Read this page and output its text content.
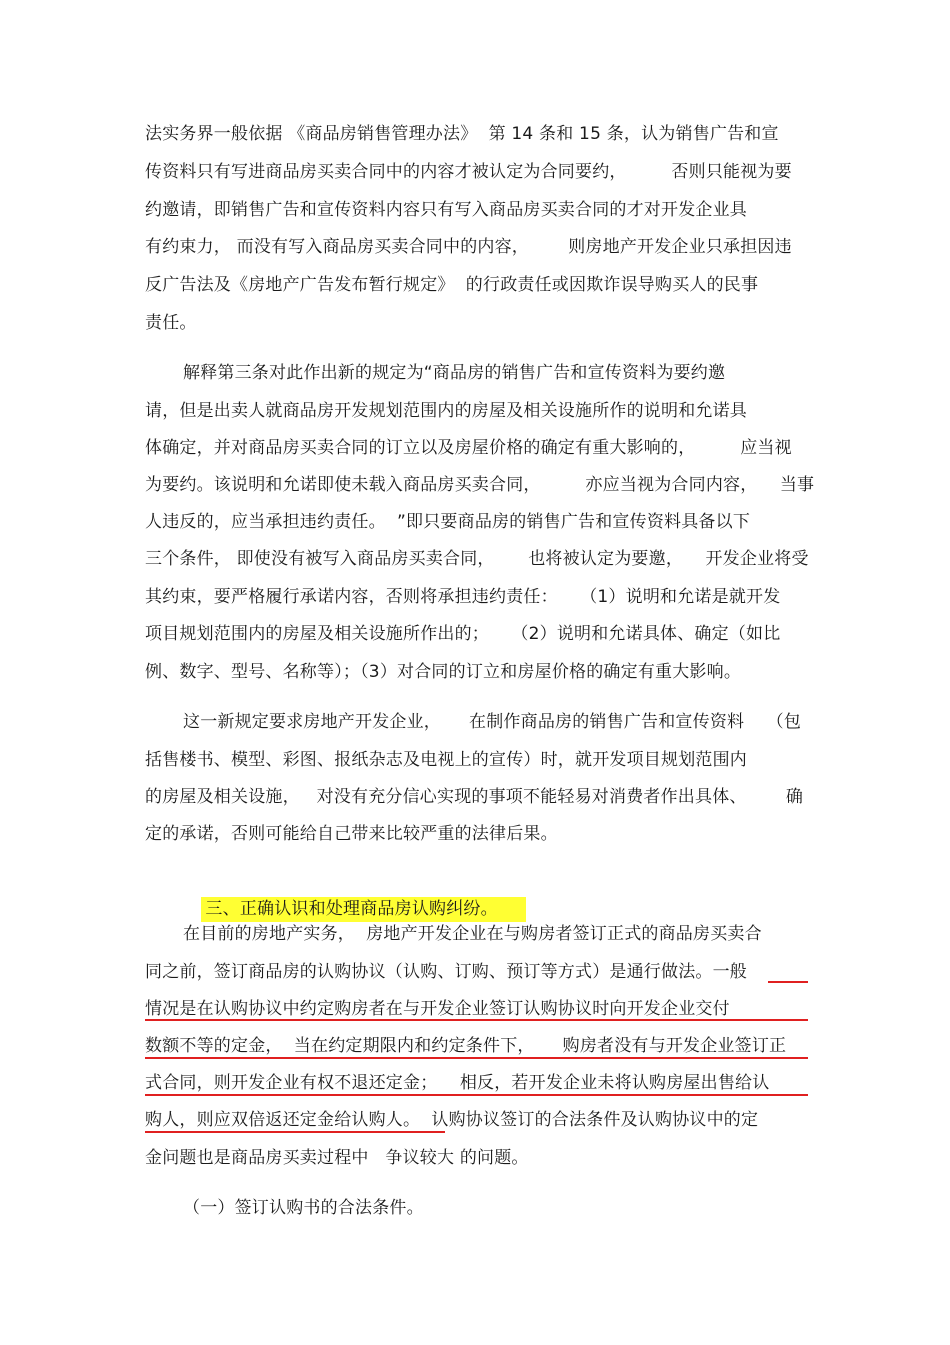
法实务界一般依据 《商品房销售管理办法》  第 14 条和 15 条，认为销售广告和宣
传资料只有写进商品房买卖合同中的内容才被认定为合同要约，        否则只能视为要
约邀请，即销售广告和宣传资料内容只有写入商品房买卖合同的才对开发企业具
有约束力， 而没有写入商品房买卖合同中的内容，       则房地产开发企业只承担因违
反广告法及《房地产广告发布暂行规定》  的行政责任或因欺诈误导购买人的民事
责任。
解释第三条对此作出新的规定为“商品房的销售广告和宣传资料为要约邀
请，但是出卖人就商品房开发规划范围内的房屋及相关设施所作的说明和允诺具
体确定，并对商品房买卖合同的订立以及房屋价格的确定有重大影响的，        应当视
为要约。该说明和允诺即使未载入商品房买卖合同，        亦应当视为合同内容，    当事
人违反的，应当承担违约责任。  ”即只要商品房的销售广告和宣传资料具备以下
三个条件， 即使没有被写入商品房买卖合同，      也将被认定为要邀，    开发企业将受
其约束，要严格履行承诺内容，否则将承担违约责任：    （1）说明和允诺是就开发
项目规划范围内的房屋及相关设施所作出的；    （2）说明和允诺具体、确定（如比
例、数字、型号、名称等）；（3）对合同的订立和房屋价格的确定有重大影响。
这一新规定要求房地产开发企业，     在制作商品房的销售广告和宣传资料    （包
括售楼书、模型、彩图、报纸杂志及电视上的宣传）时，就开发项目规划范围内
的房屋及相关设施，   对没有充分信心实现的事项不能轻易对消费者作出具体、       确
定的承诺，否则可能给自己带来比较严重的法律后果。

三、正确认识和处理商品房认购纠纷。

在目前的房地产实务，  房地产开发企业在与购房者签订正式的商品房买卖合
同之前，签订商品房的认购协议（认购、订购、预订等方式）是通行做法。一般
情况是在认购协议中约定购房者在与开发企业签订认购协议时向开发企业交付
数额不等的定金，  当在约定期限内和约定条件下，     购房者没有与开发企业签订正
式合同，则开发企业有权不退还定金；    相反，若开发企业未将认购房屋出售给认
购人，则应双倍返还定金给认购人。  认购协议签订的合法条件及认购协议中的定
金问题也是商品房买卖过程中   争议较大 的问题。
（一）签订认购书的合法条件。
